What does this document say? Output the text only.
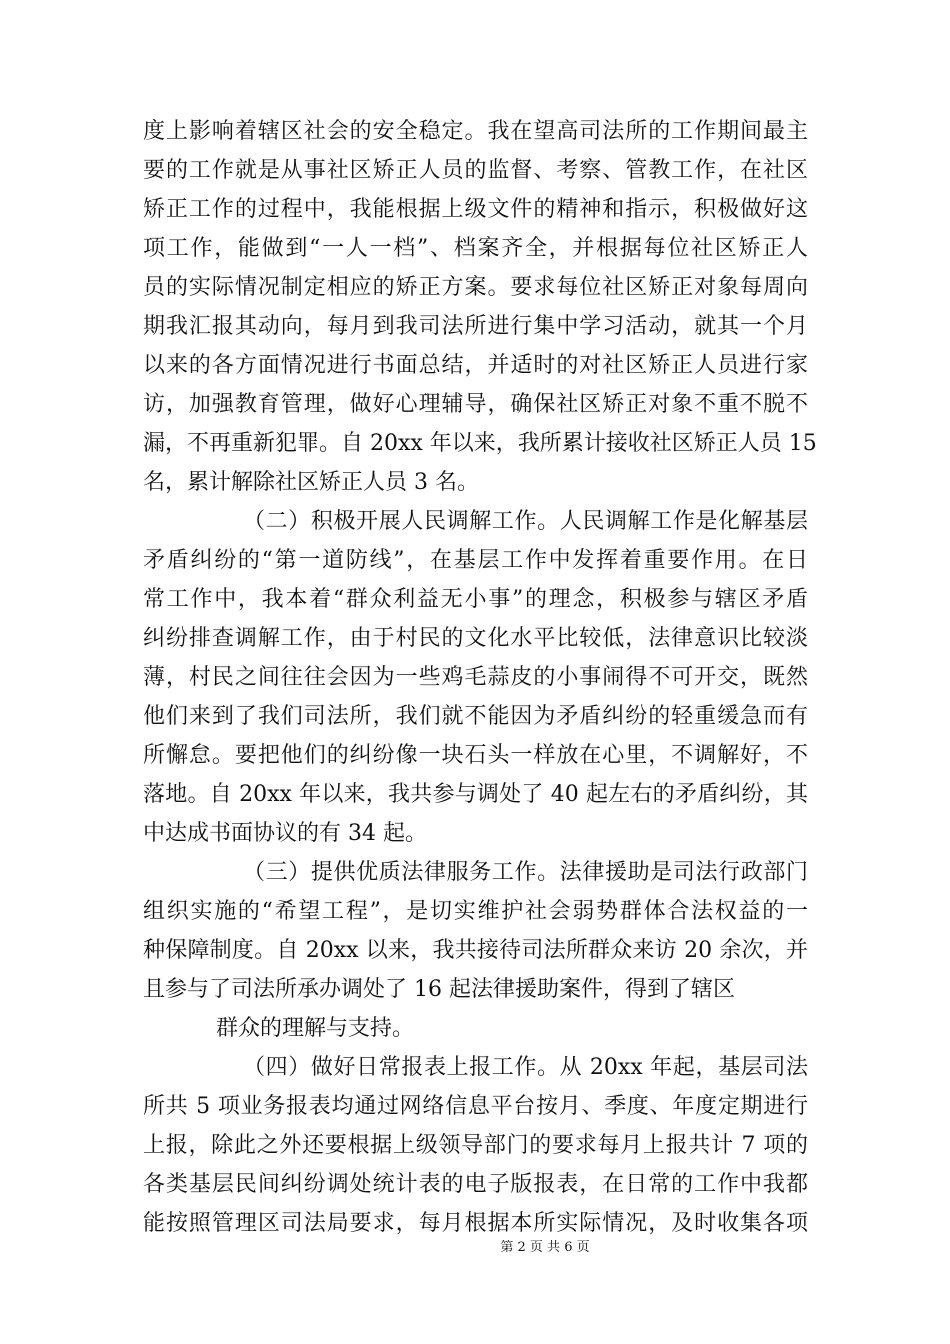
度上影响着辖区社会的安全稳定。我在望高司法所的工作期间最主
要的工作就是从事社区矫正人员的监督、考察、管教工作，在社区
矫正工作的过程中，我能根据上级文件的精神和指示，积极做好这
项工作，能做到“一人一档”、档案齐全，并根据每位社区矫正人
员的实际情况制定相应的矫正方案。要求每位社区矫正对象每周向
期我汇报其动向，每月到我司法所进行集中学习活动，就其一个月
以来的各方面情况进行书面总结，并适时的对社区矫正人员进行家
访，加强教育管理，做好心理辅导，确保社区矫正对象不重不脱不
漏，不再重新犯罪。自 20xx 年以来，我所累计接收社区矫正人员 15
名，累计解除社区矫正人员 3 名。
（二）积极开展人民调解工作。人民调解工作是化解基层
矛盾纠纷的“第一道防线”，在基层工作中发挥着重要作用。在日
常工作中，我本着“群众利益无小事”的理念，积极参与辖区矛盾
纠纷排查调解工作，由于村民的文化水平比较低，法律意识比较淡
薄，村民之间往往会因为一些鸡毛蒜皮的小事闹得不可开交，既然
他们来到了我们司法所，我们就不能因为矛盾纠纷的轻重缓急而有
所懈怠。要把他们的纠纷像一块石头一样放在心里，不调解好，不
落地。自 20xx 年以来，我共参与调处了 40 起左右的矛盾纠纷，其
中达成书面协议的有 34 起。
（三）提供优质法律服务工作。法律援助是司法行政部门
组织实施的“希望工程”，是切实维护社会弱势群体合法权益的一
种保障制度。自 20xx 以来，我共接待司法所群众来访 20 余次，并
且参与了司法所承办调处了 16 起法律援助案件，得到了辖区
群众的理解与支持。
（四）做好日常报表上报工作。从 20xx 年起，基层司法
所共 5 项业务报表均通过网络信息平台按月、季度、年度定期进行
上报，除此之外还要根据上级领导部门的要求每月上报共计 7 项的
各类基层民间纠纷调处统计表的电子版报表，在日常的工作中我都
能按照管理区司法局要求，每月根据本所实际情况，及时收集各项
第 2 页 共 6 页
